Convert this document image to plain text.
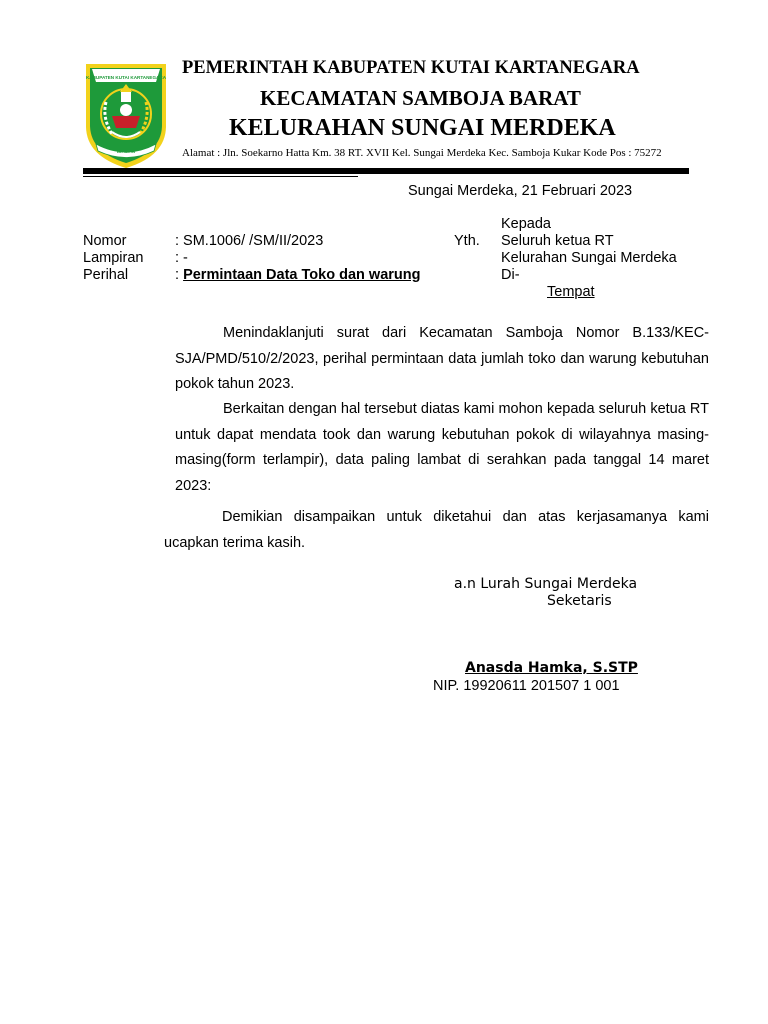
KABUPATEN KUTAI KARTANEGARA
IDAMAN
PEMERINTAH KABUPATEN KUTAI KARTANEGARA
KECAMATAN SAMBOJA BARAT
KELURAHAN SUNGAI MERDEKA
Alamat : Jln. Soekarno Hatta Km. 38 RT. XVII Kel. Sungai Merdeka Kec. Samboja Kukar Kode Pos : 75272
Sungai Merdeka, 21 Februari 2023
Nomor	: SM.1006/ /SM/II/2023
Lampiran : -
Perihal	: Permintaan Data Toko dan warung
Kepada
Yth. Seluruh ketua RT
Kelurahan Sungai Merdeka
Di-
Tempat

Menindaklanjuti surat dari Kecamatan Samboja Nomor B.133/KEC-SJA/PMD/510/2/2023, perihal permintaan data jumlah toko dan warung kebutuhan pokok tahun 2023.

Berkaitan dengan hal tersebut diatas kami mohon kepada seluruh ketua RT untuk dapat mendata took dan warung kebutuhan pokok di wilayahnya masing-masing(form terlampir), data paling lambat di serahkan pada tanggal 14 maret 2023:

Demikian disampaikan untuk diketahui dan atas kerjasamanya kami ucapkan terima kasih.

a.n Lurah Sungai Merdeka
Seketaris
Anasda Hamka, S.STP
NIP. 19920611 201507 1 001
